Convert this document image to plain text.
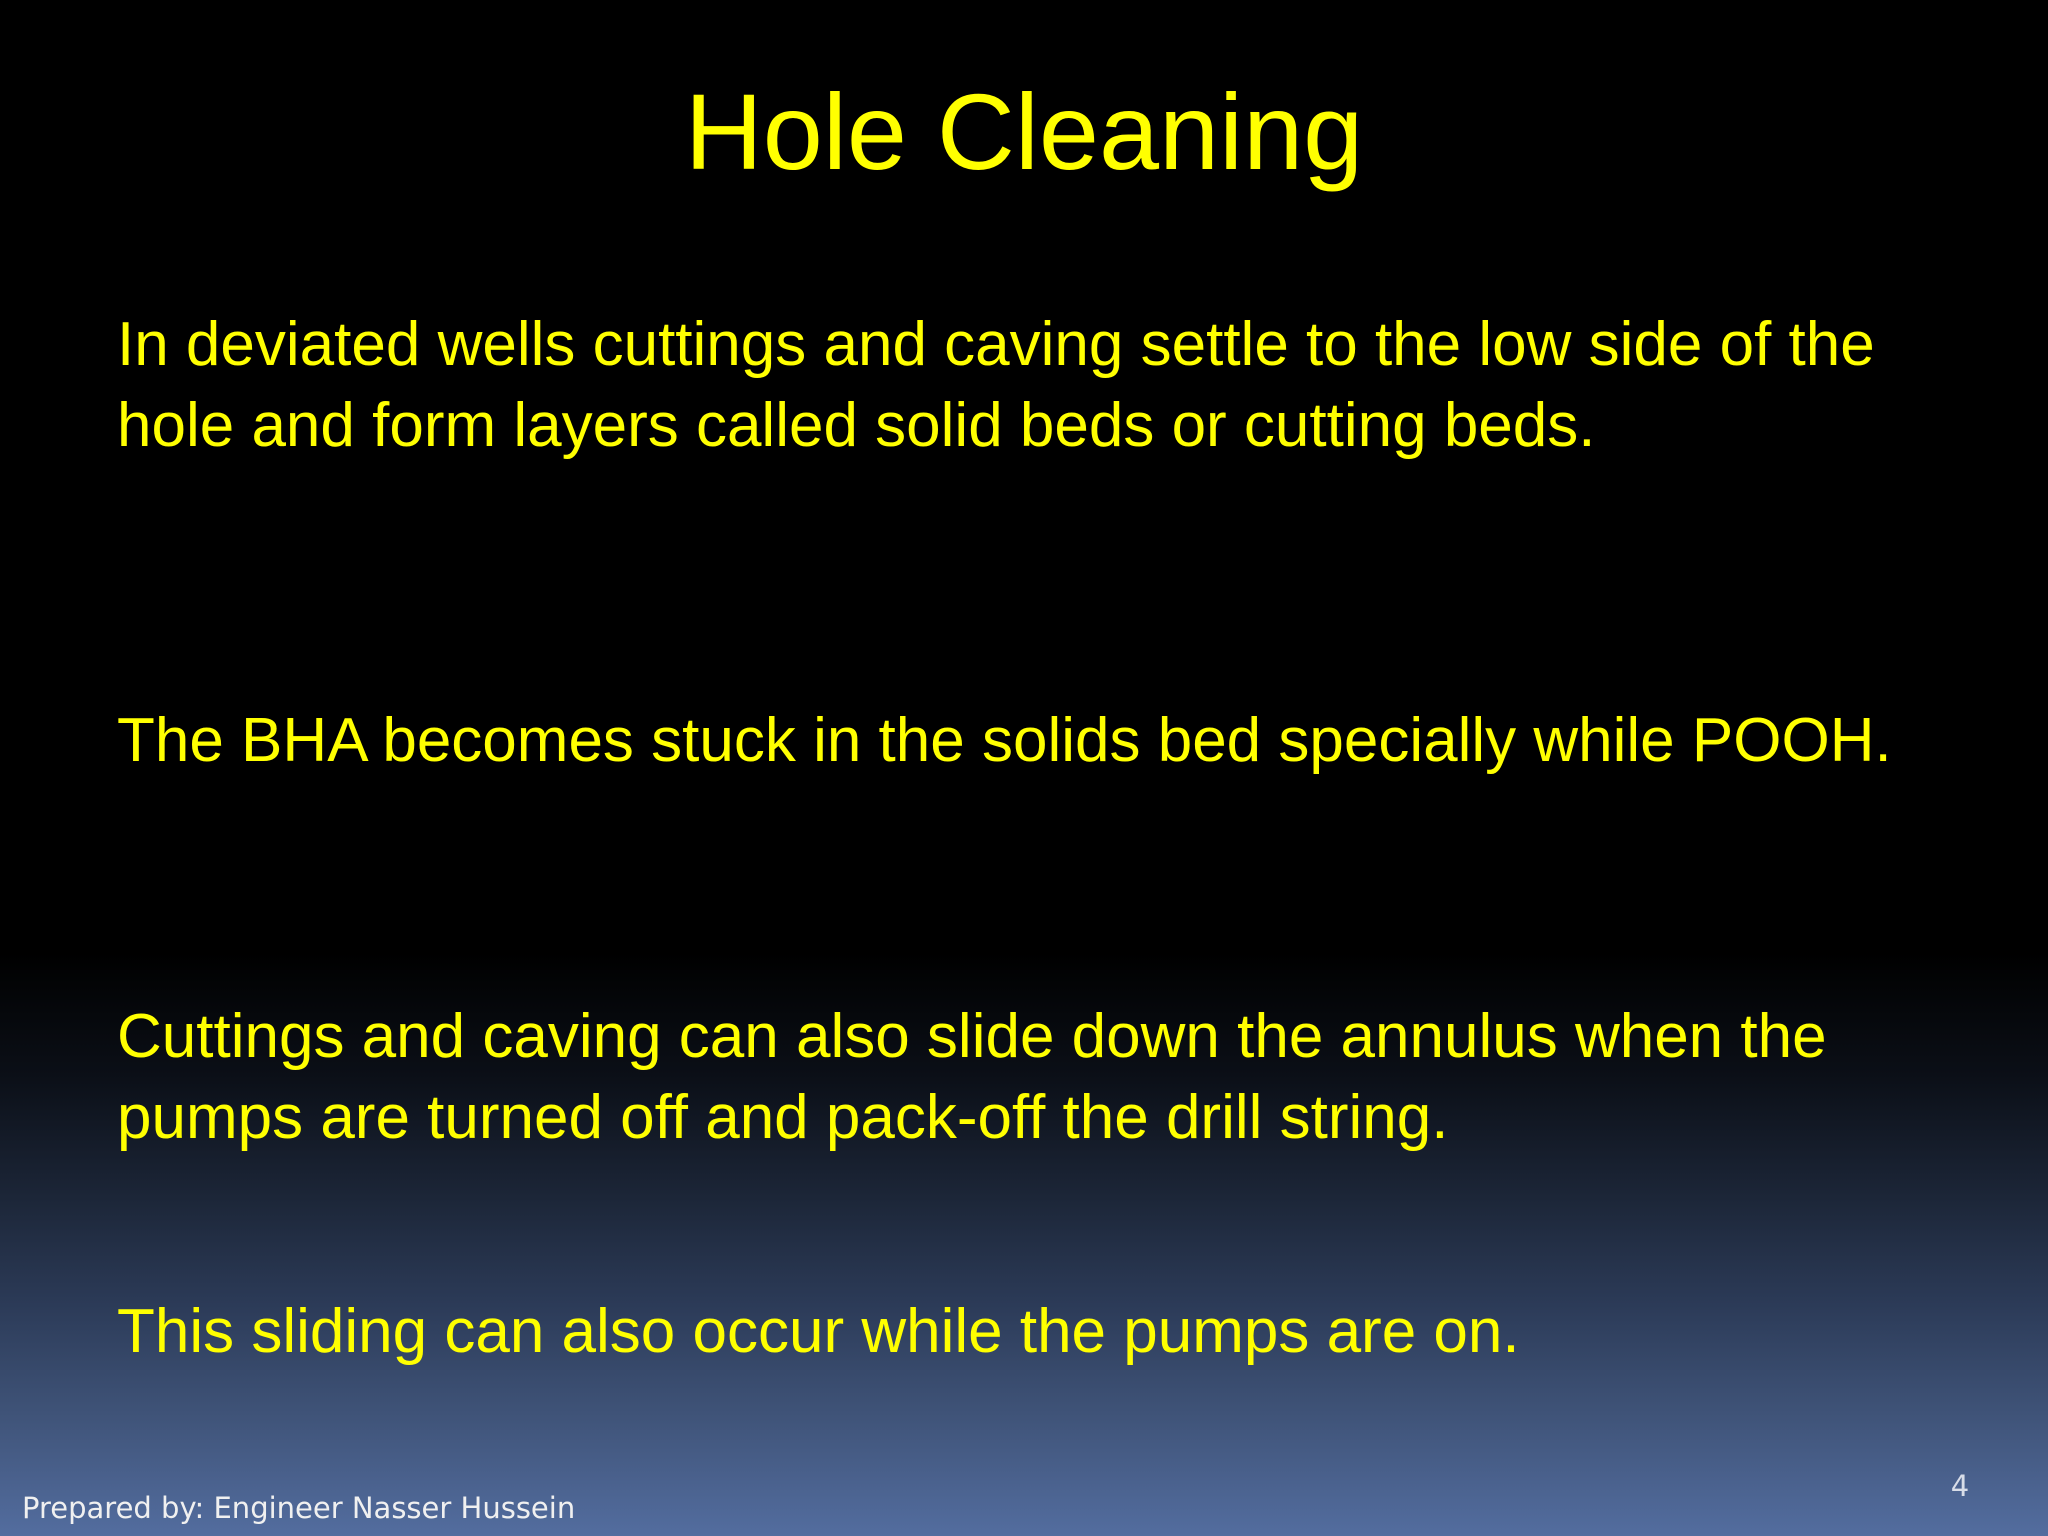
Hole Cleaning

In deviated wells cuttings and caving settle to the low side of the hole and form layers called solid beds or cutting beds.

The BHA becomes stuck in the solids bed specially while POOH.

Cuttings and caving can also slide down the annulus when the pumps are turned off and pack-off the drill string.

This sliding can also occur while the pumps are on.

Prepared by: Engineer Nasser Hussein
4
